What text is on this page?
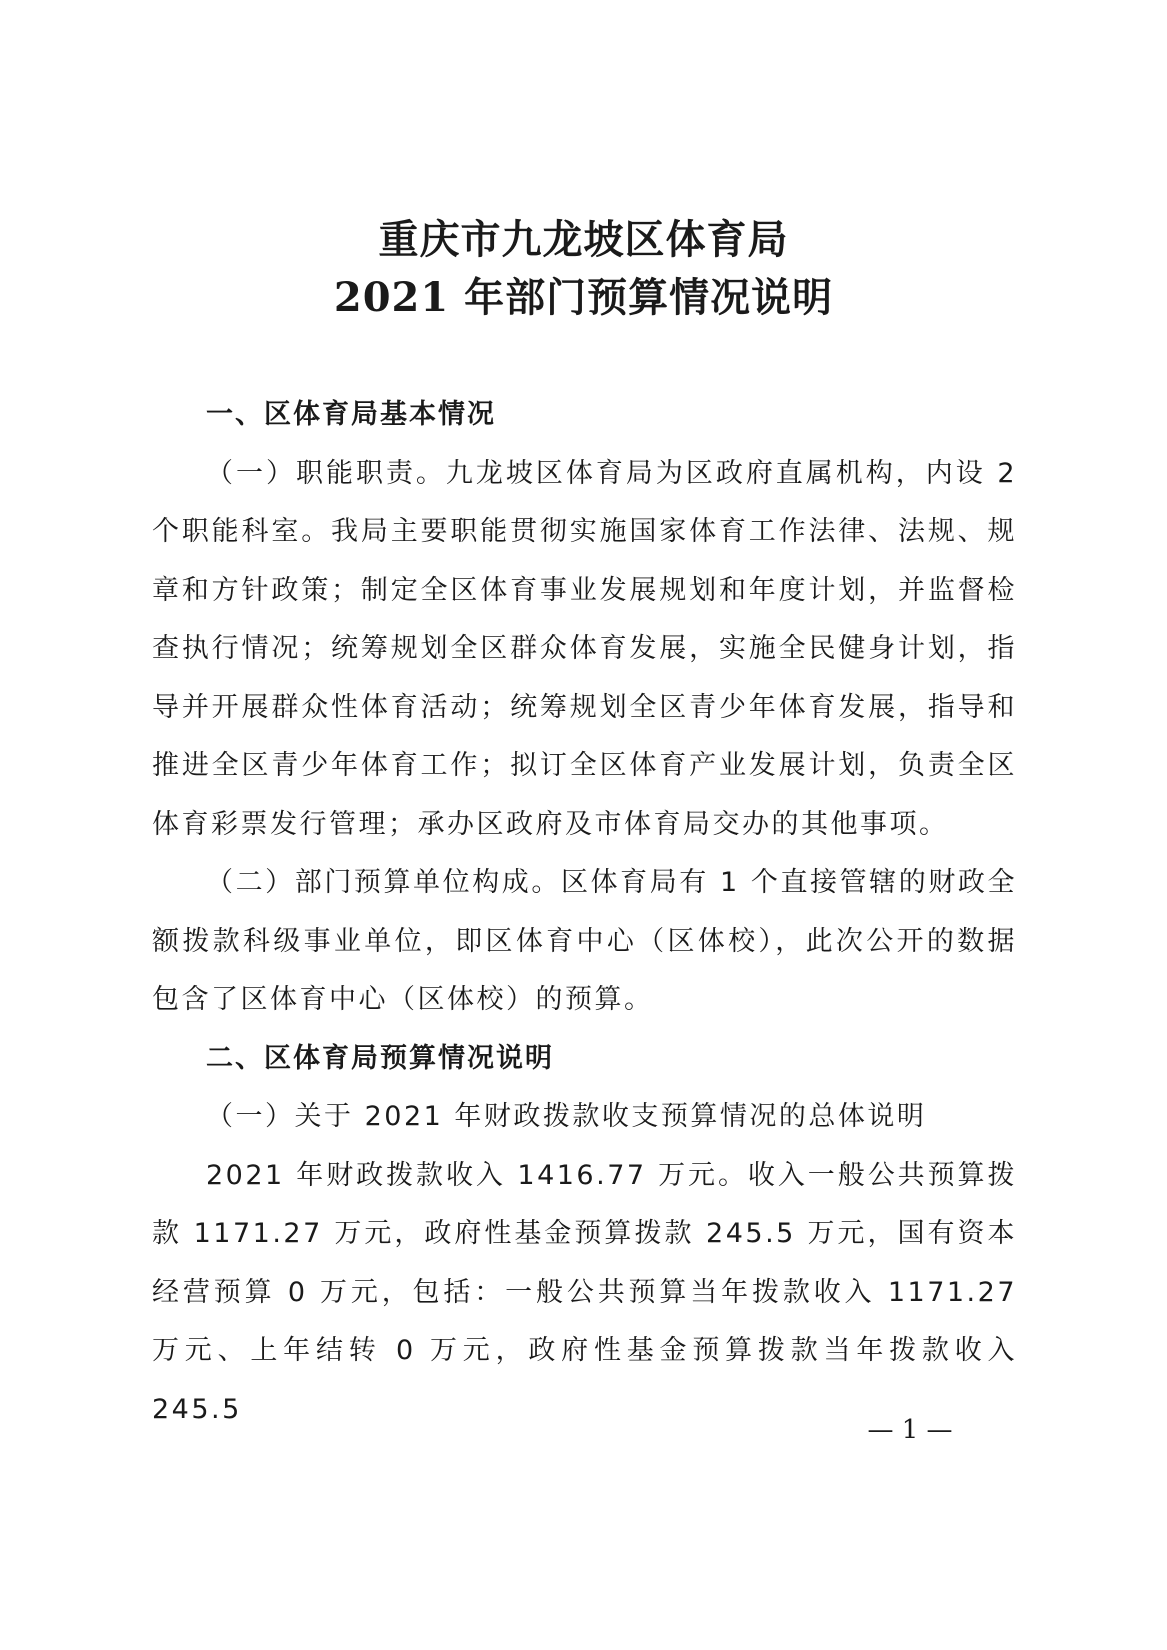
重庆市九龙坡区体育局
2021 年部门预算情况说明
一、区体育局基本情况

（一）职能职责。九龙坡区体育局为区政府直属机构，内设 2 个职能科室。我局主要职能贯彻实施国家体育工作法律、法规、规章和方针政策；制定全区体育事业发展规划和年度计划，并监督检查执行情况；统筹规划全区群众体育发展，实施全民健身计划，指导并开展群众性体育活动；统筹规划全区青少年体育发展，指导和推进全区青少年体育工作；拟订全区体育产业发展计划，负责全区体育彩票发行管理；承办区政府及市体育局交办的其他事项。

（二）部门预算单位构成。区体育局有 1 个直接管辖的财政全额拨款科级事业单位，即区体育中心（区体校），此次公开的数据包含了区体育中心（区体校）的预算。

二、区体育局预算情况说明

（一）关于 2021 年财政拨款收支预算情况的总体说明

2021 年财政拨款收入 1416.77 万元。收入一般公共预算拨款 1171.27 万元，政府性基金预算拨款 245.5 万元，国有资本经营预算 0 万元，包括：一般公共预算当年拨款收入 1171.27 万元、上年结转 0 万元，政府性基金预算拨款当年拨款收入 245.5

— 1 —
